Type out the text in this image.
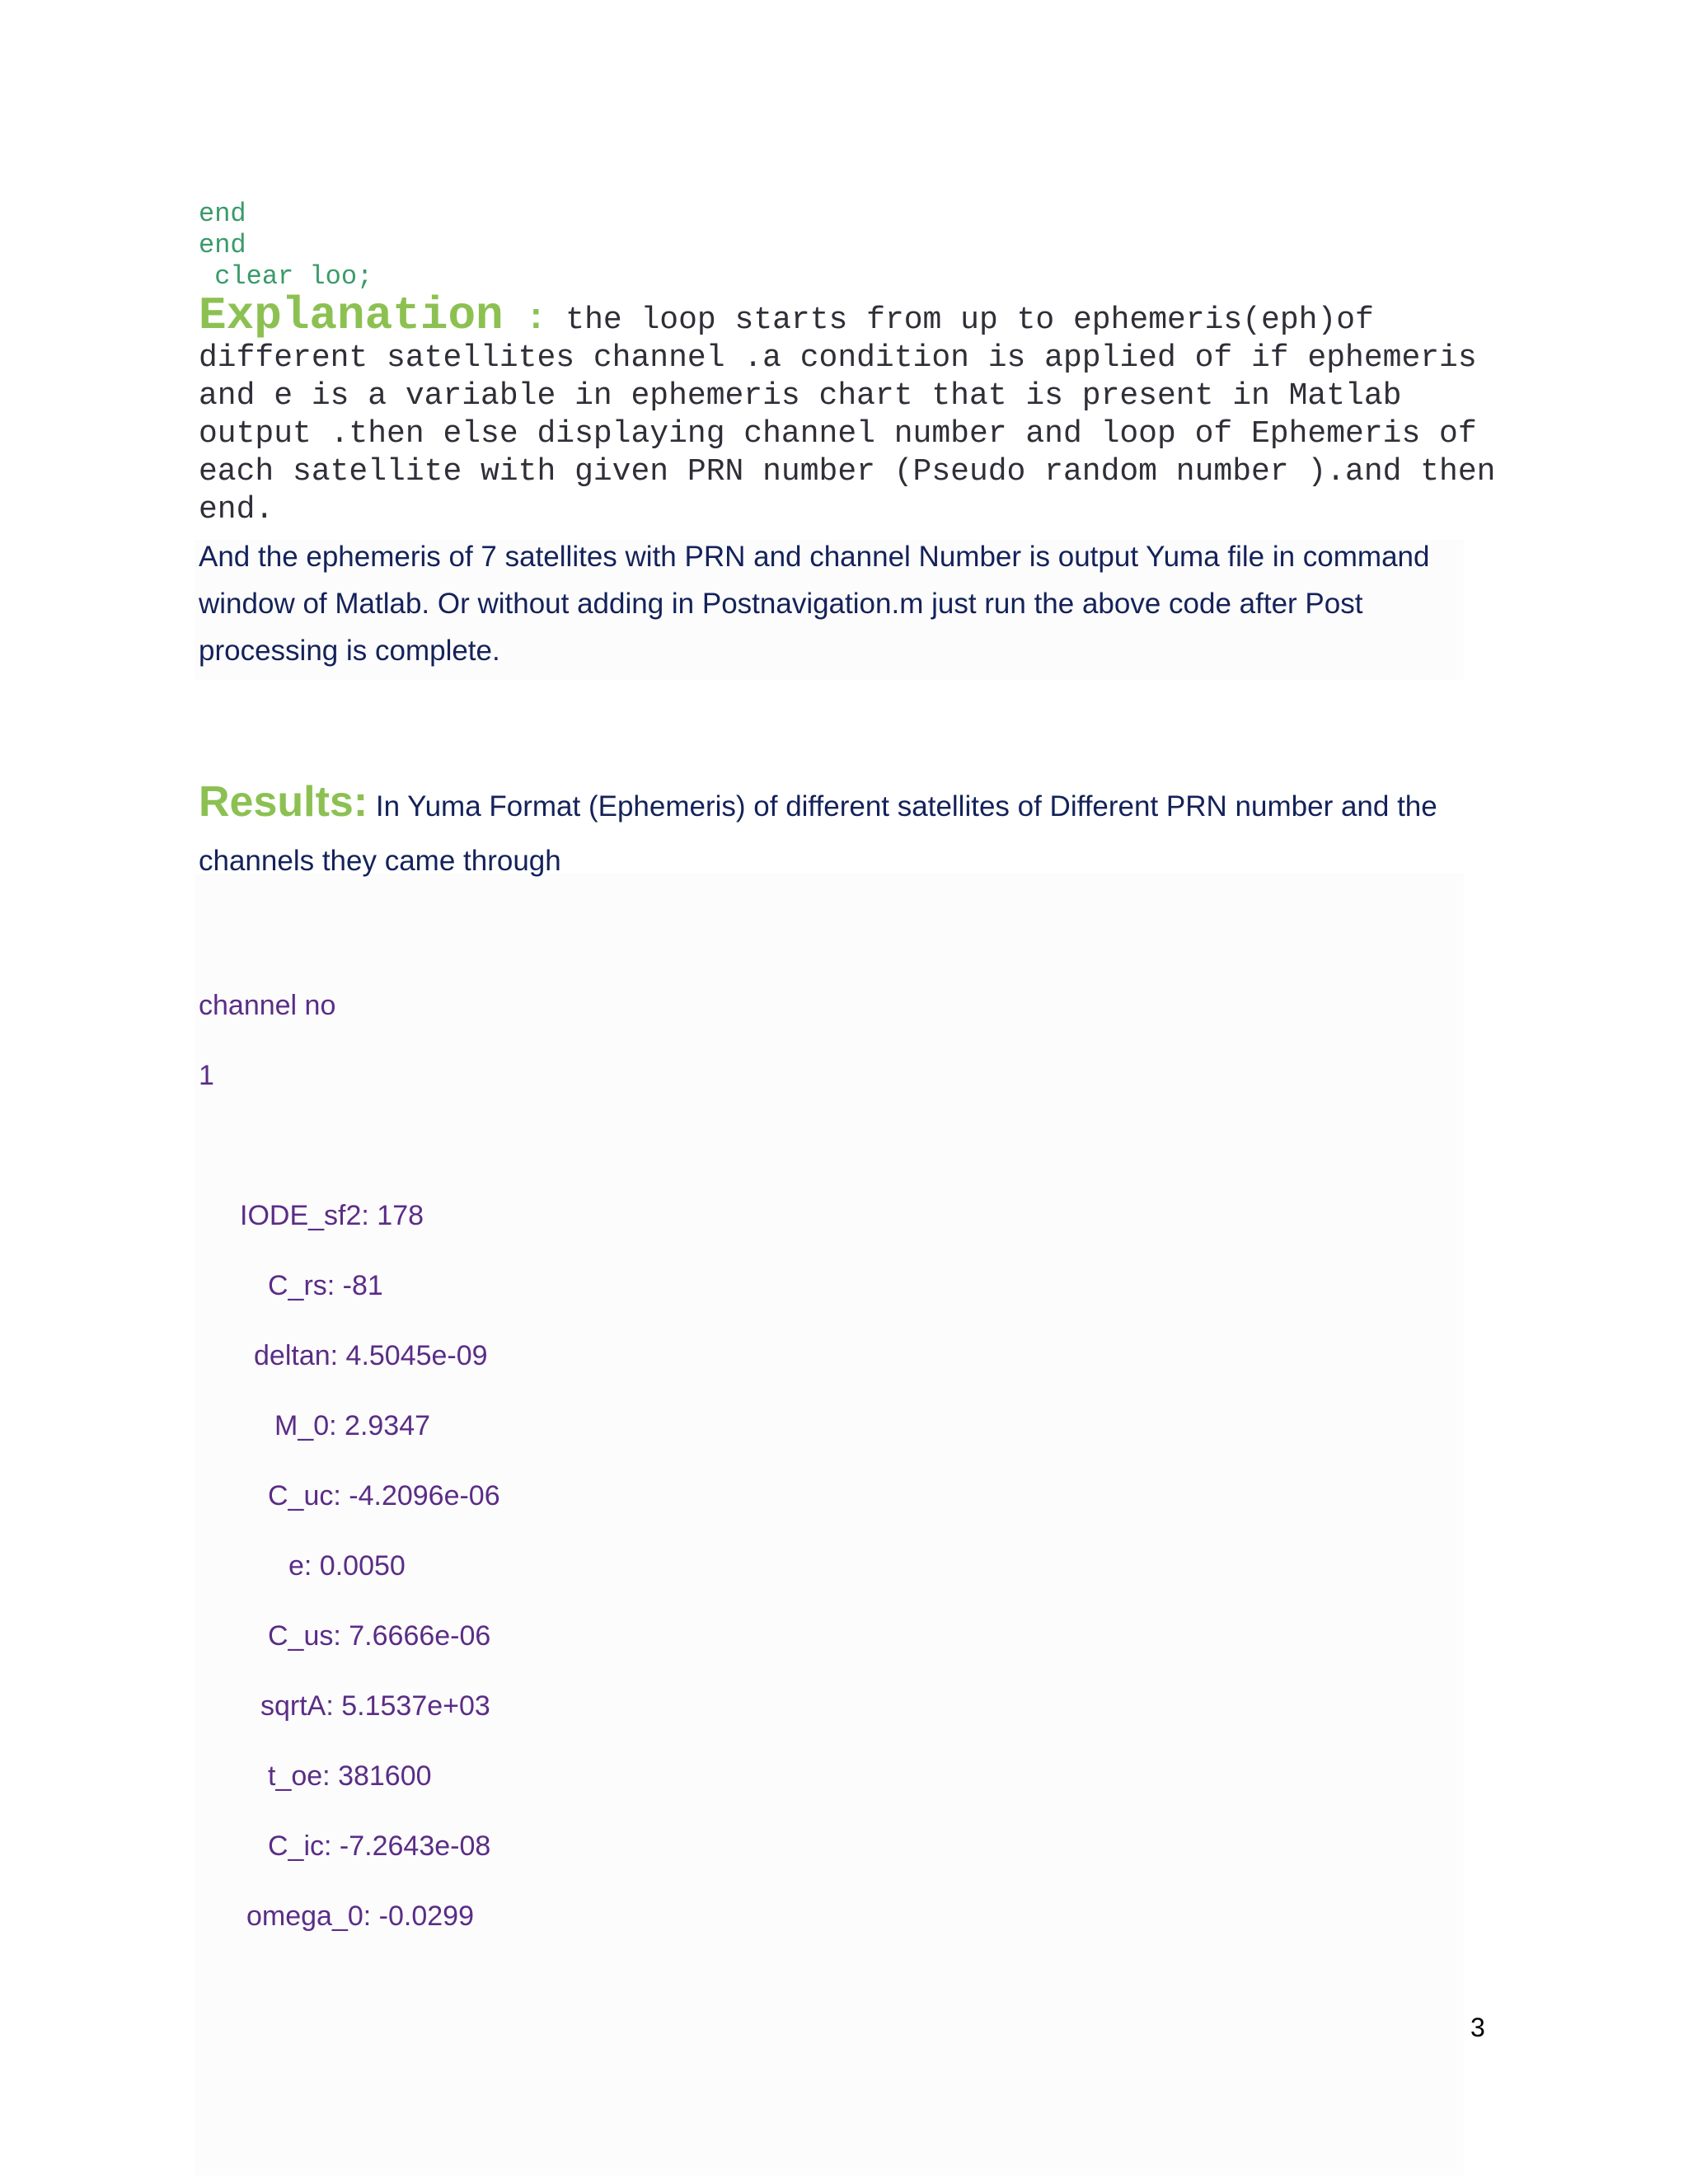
end
end
clear loo;
Explanation : the loop starts from up to ephemeris(eph)of different satellites channel .a condition is applied of if ephemeris and e is a variable in ephemeris chart that is present in Matlab output .then else displaying channel number and loop of Ephemeris of each satellite with given PRN number (Pseudo random number ).and then end.
And the ephemeris of 7 satellites with PRN and channel Number is output Yuma file in command window of Matlab. Or without adding in Postnavigation.m just run the above code after Post processing is complete.
Results: In Yuma Format (Ephemeris) of different satellites of Different PRN number and the channels they came through
channel no
1
IODE_sf2: 178
C_rs: -81
deltan: 4.5045e-09
M_0: 2.9347
C_uc: -4.2096e-06
e: 0.0050
C_us: 7.6666e-06
sqrtA: 5.1537e+03
t_oe: 381600
C_ic: -7.2643e-08
omega_0: -0.0299
3
